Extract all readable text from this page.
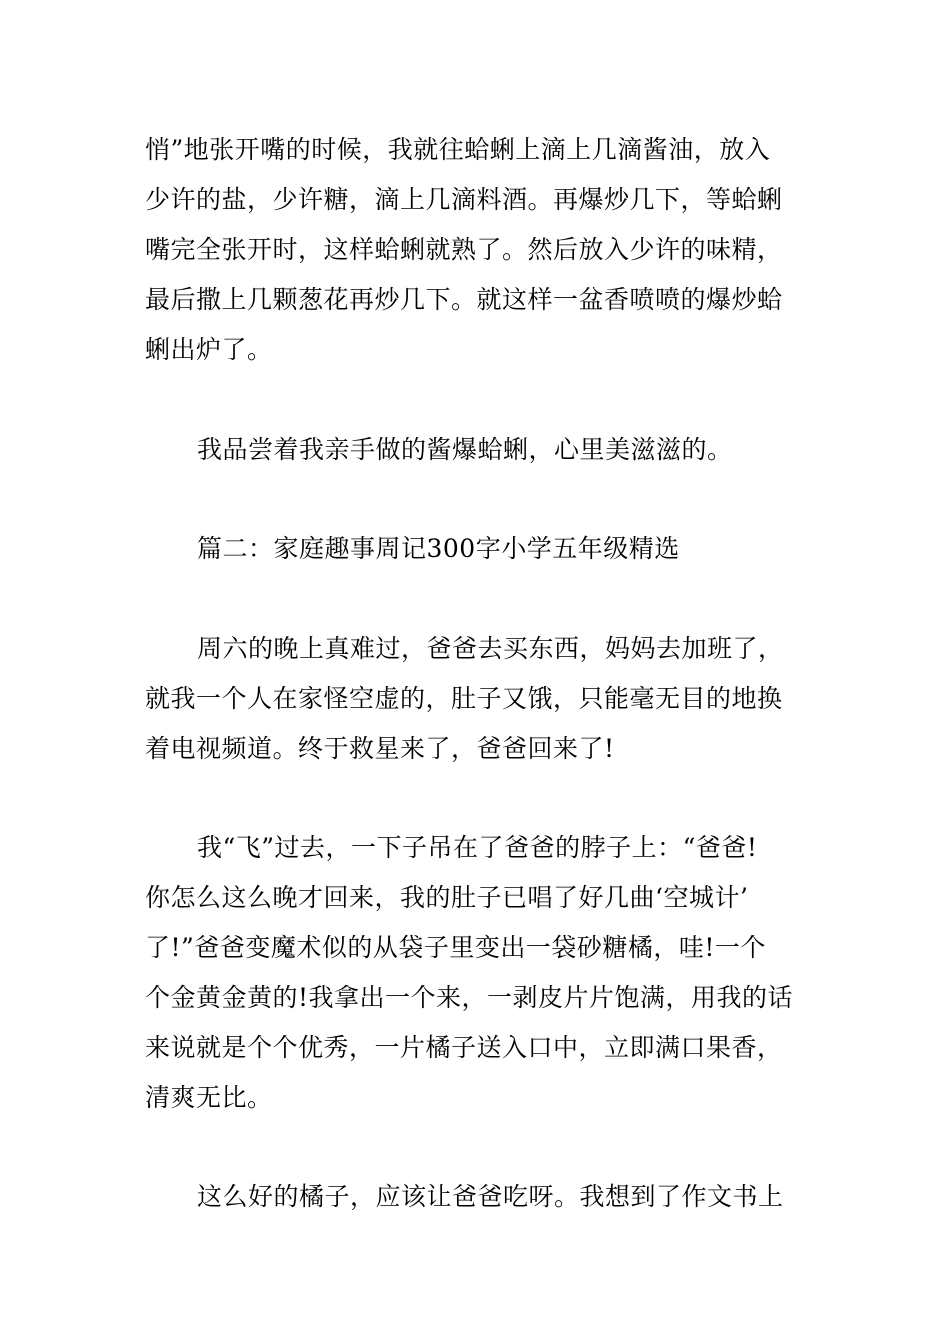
悄”地张开嘴的时候，我就往蛤蜊上滴上几滴酱油，放入
少许的盐，少许糖，滴上几滴料酒。再爆炒几下，等蛤蜊
嘴完全张开时，这样蛤蜊就熟了。然后放入少许的味精，
最后撒上几颗葱花再炒几下。就这样一盆香喷喷的爆炒蛤
蜊出炉了。
我品尝着我亲手做的酱爆蛤蜊，心里美滋滋的。
篇二：家庭趣事周记300字小学五年级精选
周六的晚上真难过，爸爸去买东西，妈妈去加班了，
就我一个人在家怪空虚的，肚子又饿，只能毫无目的地换
着电视频道。终于救星来了，爸爸回来了!
我“飞”过去，一下子吊在了爸爸的脖子上：“爸爸!
你怎么这么晚才回来，我的肚子已唱了好几曲‘空城计’
了!”爸爸变魔术似的从袋子里变出一袋砂糖橘，哇!一个
个金黄金黄的!我拿出一个来，一剥皮片片饱满，用我的话
来说就是个个优秀，一片橘子送入口中，立即满口果香，
清爽无比。
这么好的橘子，应该让爸爸吃呀。我想到了作文书上
